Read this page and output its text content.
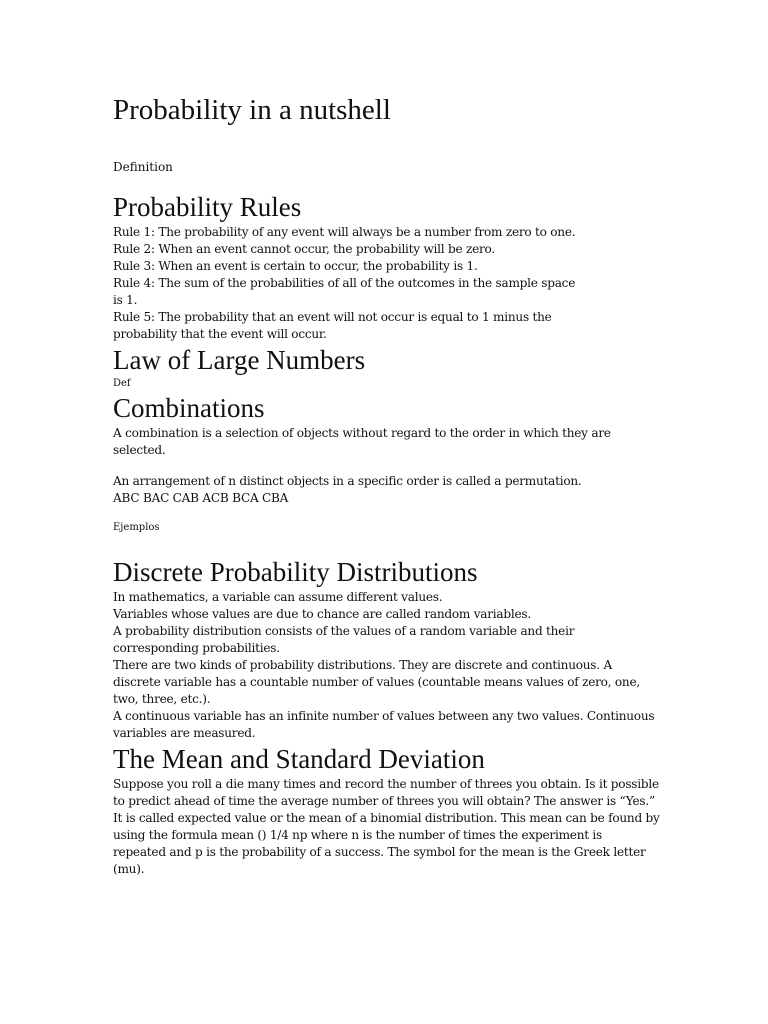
Probability in a nutshell

Definition

Probability Rules

Rule 1: The probability of any event will always be a number from zero to one.
Rule 2: When an event cannot occur, the probability will be zero.
Rule 3: When an event is certain to occur, the probability is 1.
Rule 4: The sum of the probabilities of all of the outcomes in the sample space
is 1.
Rule 5: The probability that an event will not occur is equal to 1 minus the
probability that the event will occur.

Law of Large Numbers

Def

Combinations

A combination is a selection of objects without regard to the order in which they are
selected.

An arrangement of n distinct objects in a specific order is called a permutation.
ABC BAC CAB ACB BCA CBA

Ejemplos

Discrete Probability Distributions

In mathematics, a variable can assume different values.
Variables whose values are due to chance are called random variables.
A probability distribution consists of the values of a random variable and their
corresponding probabilities.
There are two kinds of probability distributions. They are discrete and continuous. A
discrete variable has a countable number of values (countable means values of zero, one,
two, three, etc.).
A continuous variable has an infinite number of values between any two values. Continuous
variables are measured.

The Mean and Standard Deviation

Suppose you roll a die many times and record the number of threes you obtain. Is it possible
to predict ahead of time the average number of threes you will obtain? The answer is “Yes.”
It is called expected value or the mean of a binomial distribution. This mean can be found by
using the formula mean () 1/4 np where n is the number of times the experiment is
repeated and p is the probability of a success. The symbol for the mean is the Greek letter
(mu).
